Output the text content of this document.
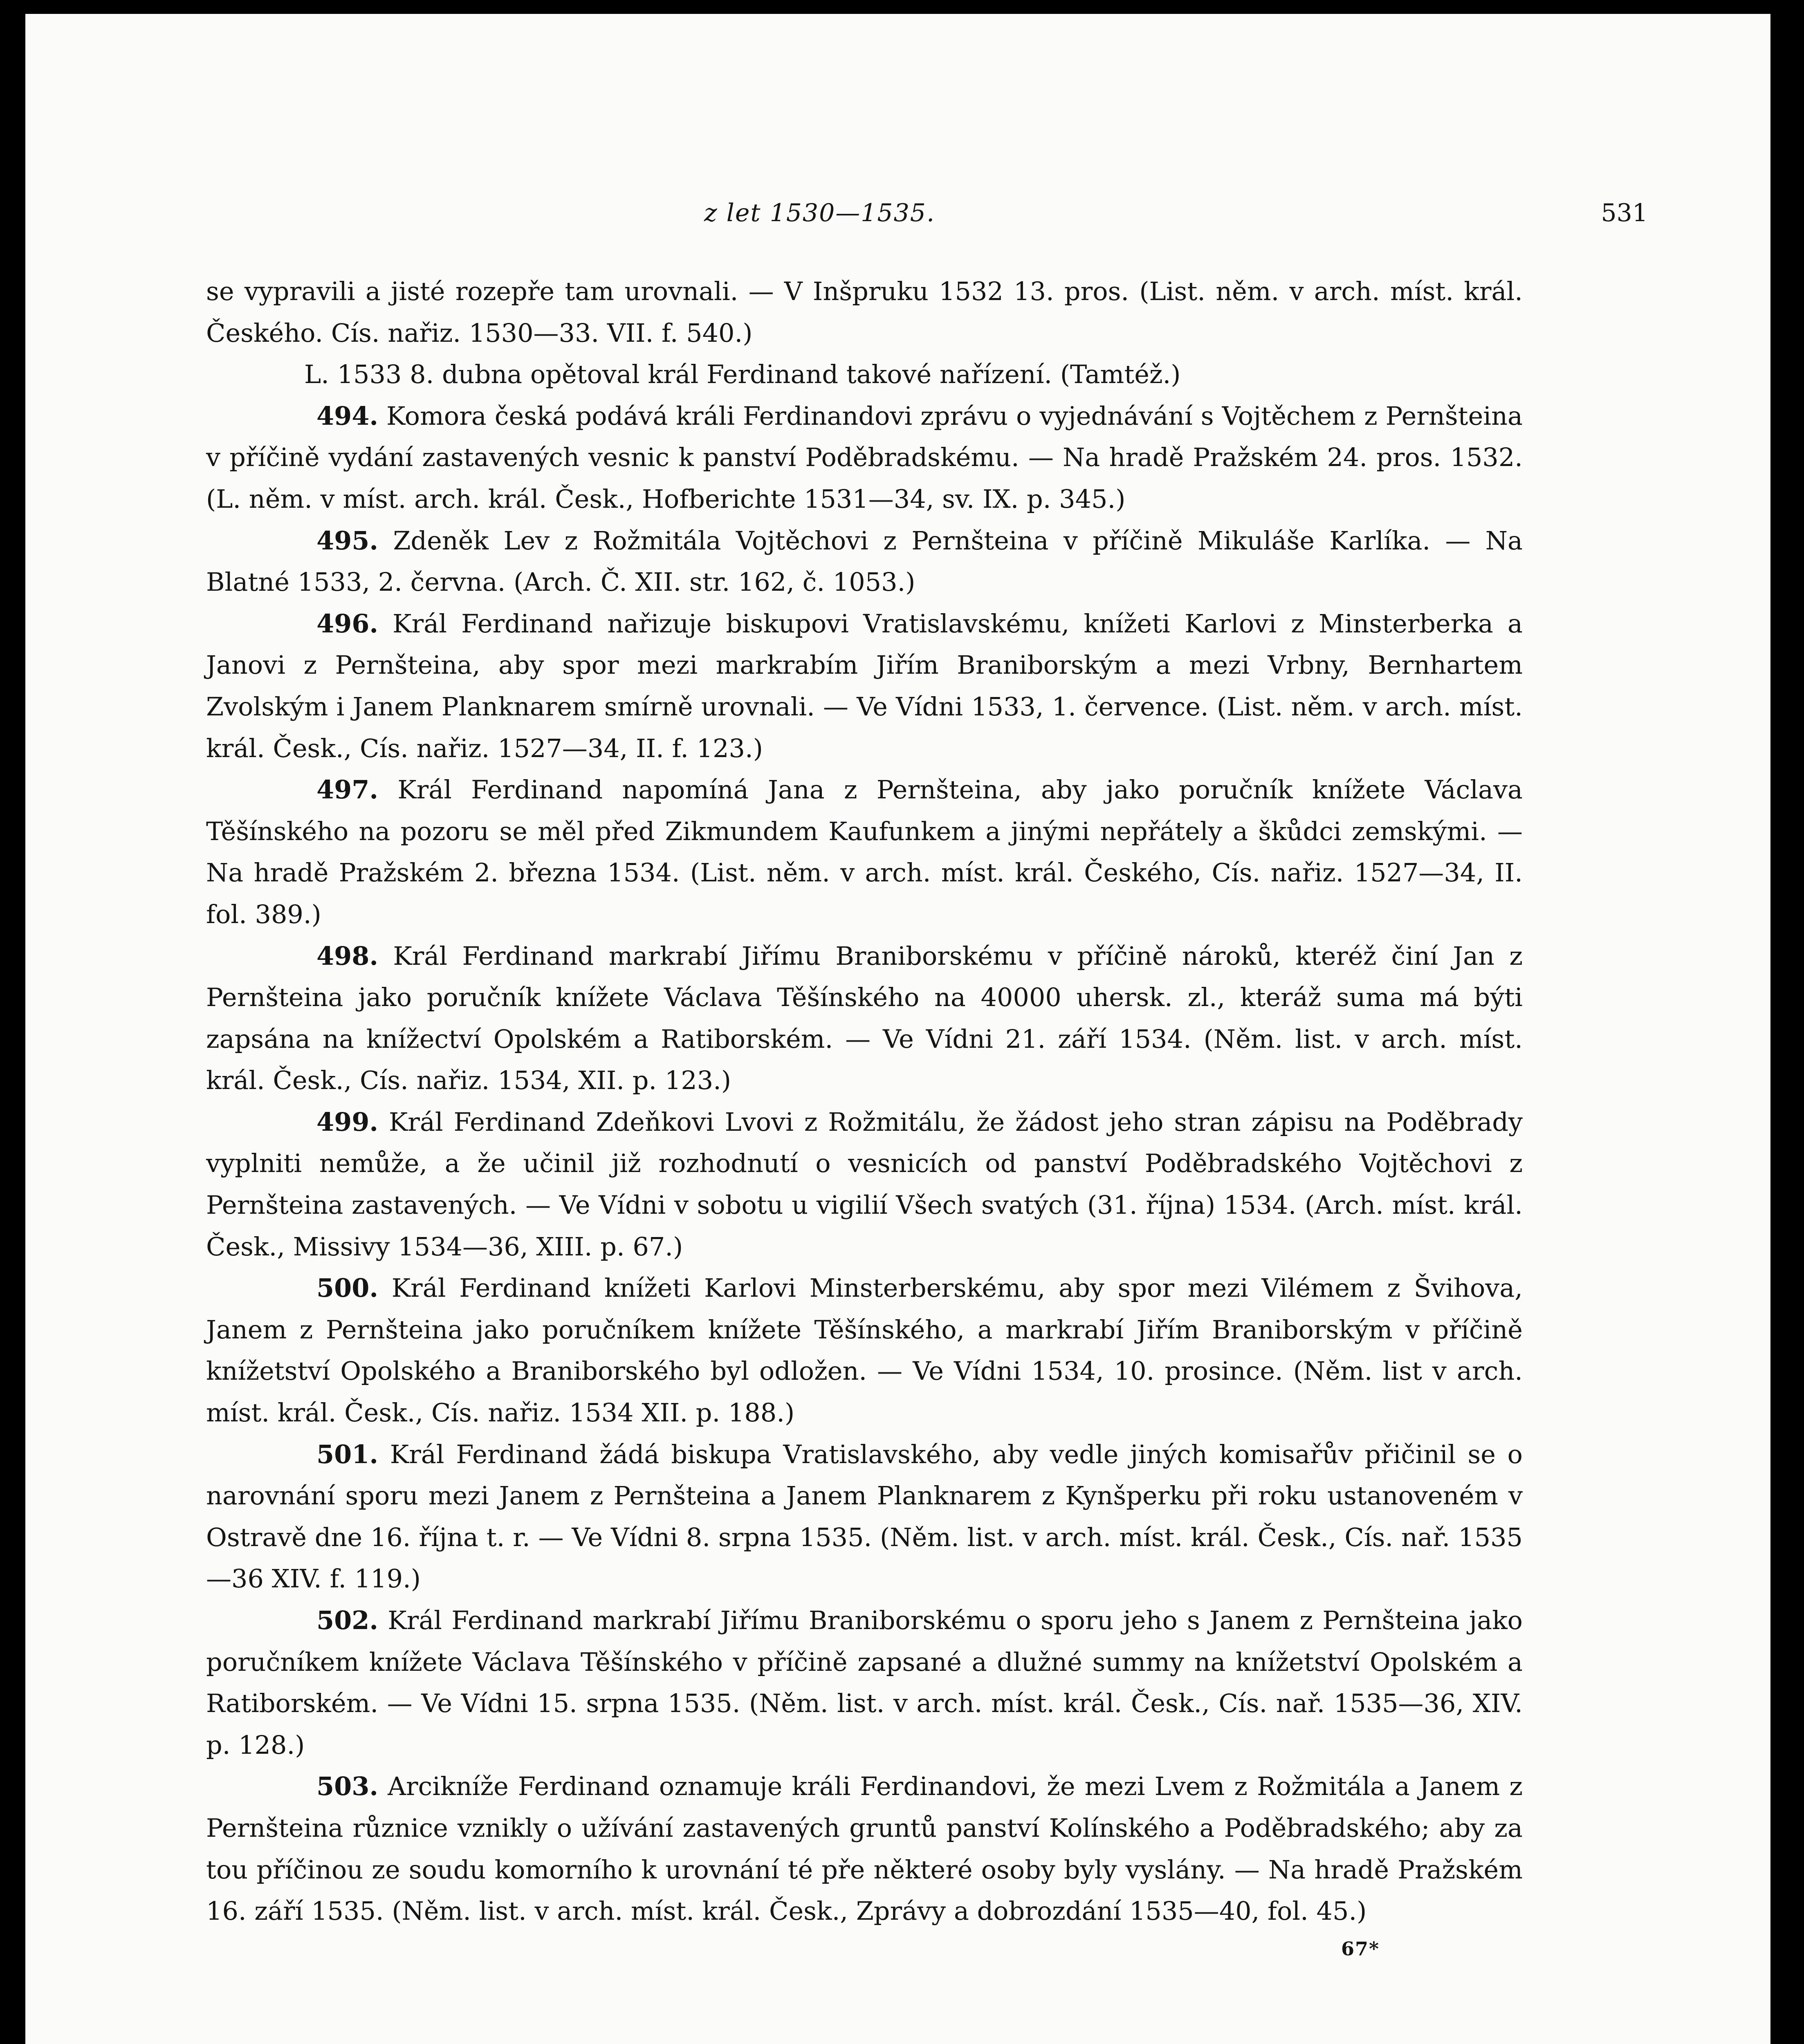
z let 1530—1535.	531

se vypravili a jisté rozepře tam urovnali. — V Inšpruku 1532 13. pros. (List. něm. v arch. míst. král. Českého. Cís. nařiz. 1530—33. VII. f. 540.)

L. 1533 8. dubna opětoval král Ferdinand takové nařízení. (Tamtéž.)

494. Komora česká podává králi Ferdinandovi zprávu o vyjednávání s Vojtěchem z Pernšteina v příčině vydání zastavených vesnic k panství Poděbradskému. — Na hradě Pražském 24. pros. 1532. (L. něm. v míst. arch. král. Česk., Hofberichte 1531—34, sv. IX. p. 345.)

495. Zdeněk Lev z Rožmitála Vojtěchovi z Pernšteina v příčině Mikuláše Karlíka. — Na Blatné 1533, 2. června. (Arch. Č. XII. str. 162, č. 1053.)

496. Král Ferdinand nařizuje biskupovi Vratislavskému, knížeti Karlovi z Minsterberka a Janovi z Pernšteina, aby spor mezi markrabím Jiřím Braniborským a mezi Vrbny, Bernhartem Zvolským i Janem Planknarem smírně urovnali. — Ve Vídni 1533, 1. července. (List. něm. v arch. míst. král. Česk., Cís. nařiz. 1527—34, II. f. 123.)

497. Král Ferdinand napomíná Jana z Pernšteina, aby jako poručník knížete Václava Těšínského na pozoru se měl před Zikmundem Kaufunkem a jinými nepřátely a škůdci zemskými. — Na hradě Pražském 2. března 1534. (List. něm. v arch. míst. král. Českého, Cís. nařiz. 1527—34, II. fol. 389.)

498. Král Ferdinand markrabí Jiřímu Braniborskému v příčině nároků, kteréž činí Jan z Pernšteina jako poručník knížete Václava Těšínského na 40000 uhersk. zl., kteráž suma má býti zapsána na knížectví Opolském a Ratiborském. — Ve Vídni 21. září 1534. (Něm. list. v arch. míst. král. Česk., Cís. nařiz. 1534, XII. p. 123.)

499. Král Ferdinand Zdeňkovi Lvovi z Rožmitálu, že žádost jeho stran zápisu na Poděbrady vyplniti nemůže, a že učinil již rozhodnutí o vesnicích od panství Poděbradského Vojtěchovi z Pernšteina zastavených. — Ve Vídni v sobotu u vigilií Všech svatých (31. října) 1534. (Arch. míst. král. Česk., Missivy 1534—36, XIII. p. 67.)

500. Král Ferdinand knížeti Karlovi Minsterberskému, aby spor mezi Vilémem z Švihova, Janem z Pernšteina jako poručníkem knížete Těšínského, a markrabí Jiřím Braniborským v příčině knížetství Opolského a Braniborského byl odložen. — Ve Vídni 1534, 10. prosince. (Něm. list v arch. míst. král. Česk., Cís. nařiz. 1534 XII. p. 188.)

501. Král Ferdinand žádá biskupa Vratislavského, aby vedle jiných komisařův přičinil se o narovnání sporu mezi Janem z Pernšteina a Janem Planknarem z Kynšperku při roku ustanoveném v Ostravě dne 16. října t. r. — Ve Vídni 8. srpna 1535. (Něm. list. v arch. míst. král. Česk., Cís. nař. 1535—36 XIV. f. 119.)

502. Král Ferdinand markrabí Jiřímu Braniborskému o sporu jeho s Janem z Pernšteina jako poručníkem knížete Václava Těšínského v příčině zapsané a dlužné summy na knížetství Opolském a Ratiborském. — Ve Vídni 15. srpna 1535. (Něm. list. v arch. míst. král. Česk., Cís. nař. 1535—36, XIV. p. 128.)

503. Arcikníže Ferdinand oznamuje králi Ferdinandovi, že mezi Lvem z Rožmitála a Janem z Pernšteina různice vznikly o užívání zastavených gruntů panství Kolínského a Poděbradského; aby za tou příčinou ze soudu komorního k urovnání té pře některé osoby byly vyslány. — Na hradě Pražském 16. září 1535. (Něm. list. v arch. míst. král. Česk., Zprávy a dobrozdání 1535—40, fol. 45.)

67*
